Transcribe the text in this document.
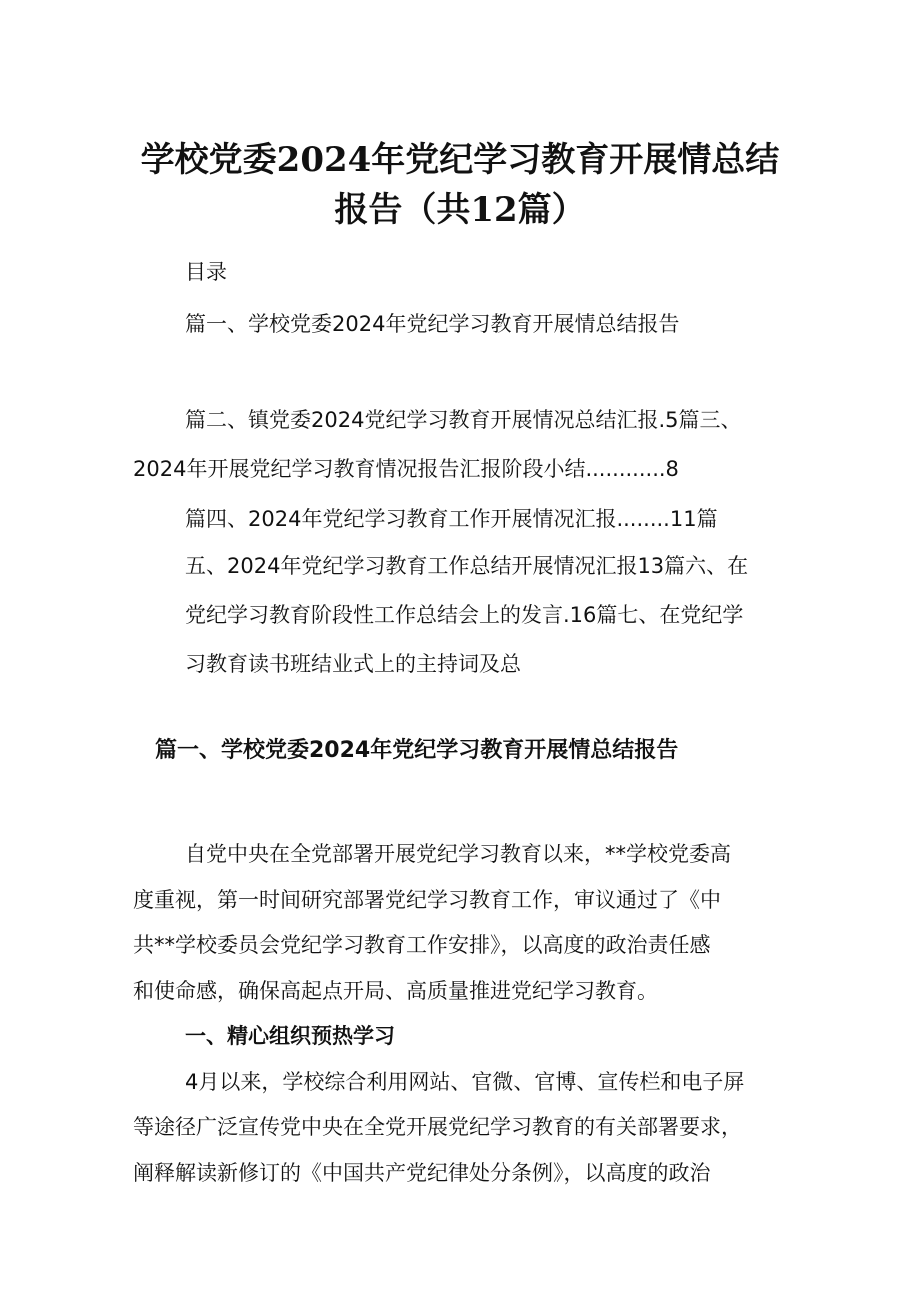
学校党委2024年党纪学习教育开展情总结
报告（共12篇）
目录
篇一、学校党委2024年党纪学习教育开展情总结报告
篇二、镇党委2024党纪学习教育开展情况总结汇报.5篇三、
2024年开展党纪学习教育情况报告汇报阶段小结............8
篇四、2024年党纪学习教育工作开展情况汇报........11篇
五、2024年党纪学习教育工作总结开展情况汇报13篇六、在
党纪学习教育阶段性工作总结会上的发言.16篇七、在党纪学
习教育读书班结业式上的主持词及总
篇一、学校党委2024年党纪学习教育开展情总结报告
自党中央在全党部署开展党纪学习教育以来，**学校党委高
度重视，第一时间研究部署党纪学习教育工作，审议通过了《中
共**学校委员会党纪学习教育工作安排》，以高度的政治责任感
和使命感，确保高起点开局、高质量推进党纪学习教育。
一、精心组织预热学习
4月以来，学校综合利用网站、官微、官博、宣传栏和电子屏
等途径广泛宣传党中央在全党开展党纪学习教育的有关部署要求，
阐释解读新修订的《中国共产党纪律处分条例》，以高度的政治
